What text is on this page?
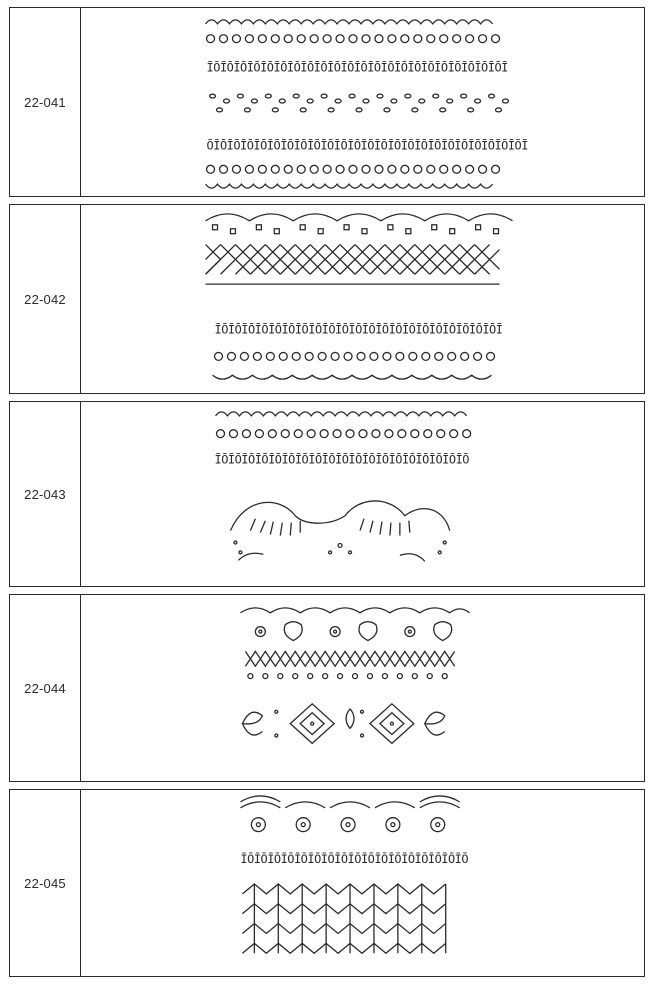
22-041
ĪŌĪŌĪŌĪŌĪŌĪŌĪŌĪŌĪŌĪŌĪŌĪŌĪŌĪŌĪŌĪŌĪŌĪŌĪŌĪŌĪŌĪŌĪ
ŌĪŌĪŌĪŌĪŌĪŌĪŌĪŌĪŌĪŌĪŌĪŌĪŌĪŌĪŌĪŌĪŌĪŌĪŌĪŌĪŌĪŌĪŌĪŌĪ
22-042
ĪŌĪŌĪŌĪŌĪŌĪŌĪŌĪŌĪŌĪŌĪŌĪŌĪŌĪŌĪŌĪŌĪŌĪŌĪŌĪŌĪŌĪ
22-043
ĪŌĪŌĪŌĪŌĪŌĪŌĪŌĪŌĪŌĪŌĪŌĪŌĪŌĪŌĪŌĪŌĪŌĪŌĪŌ
22-044
22-045
ĪŌĪŌĪŌĪŌĪŌĪŌĪŌĪŌĪŌĪŌĪŌĪŌĪŌĪŌĪŌĪŌĪŌ
